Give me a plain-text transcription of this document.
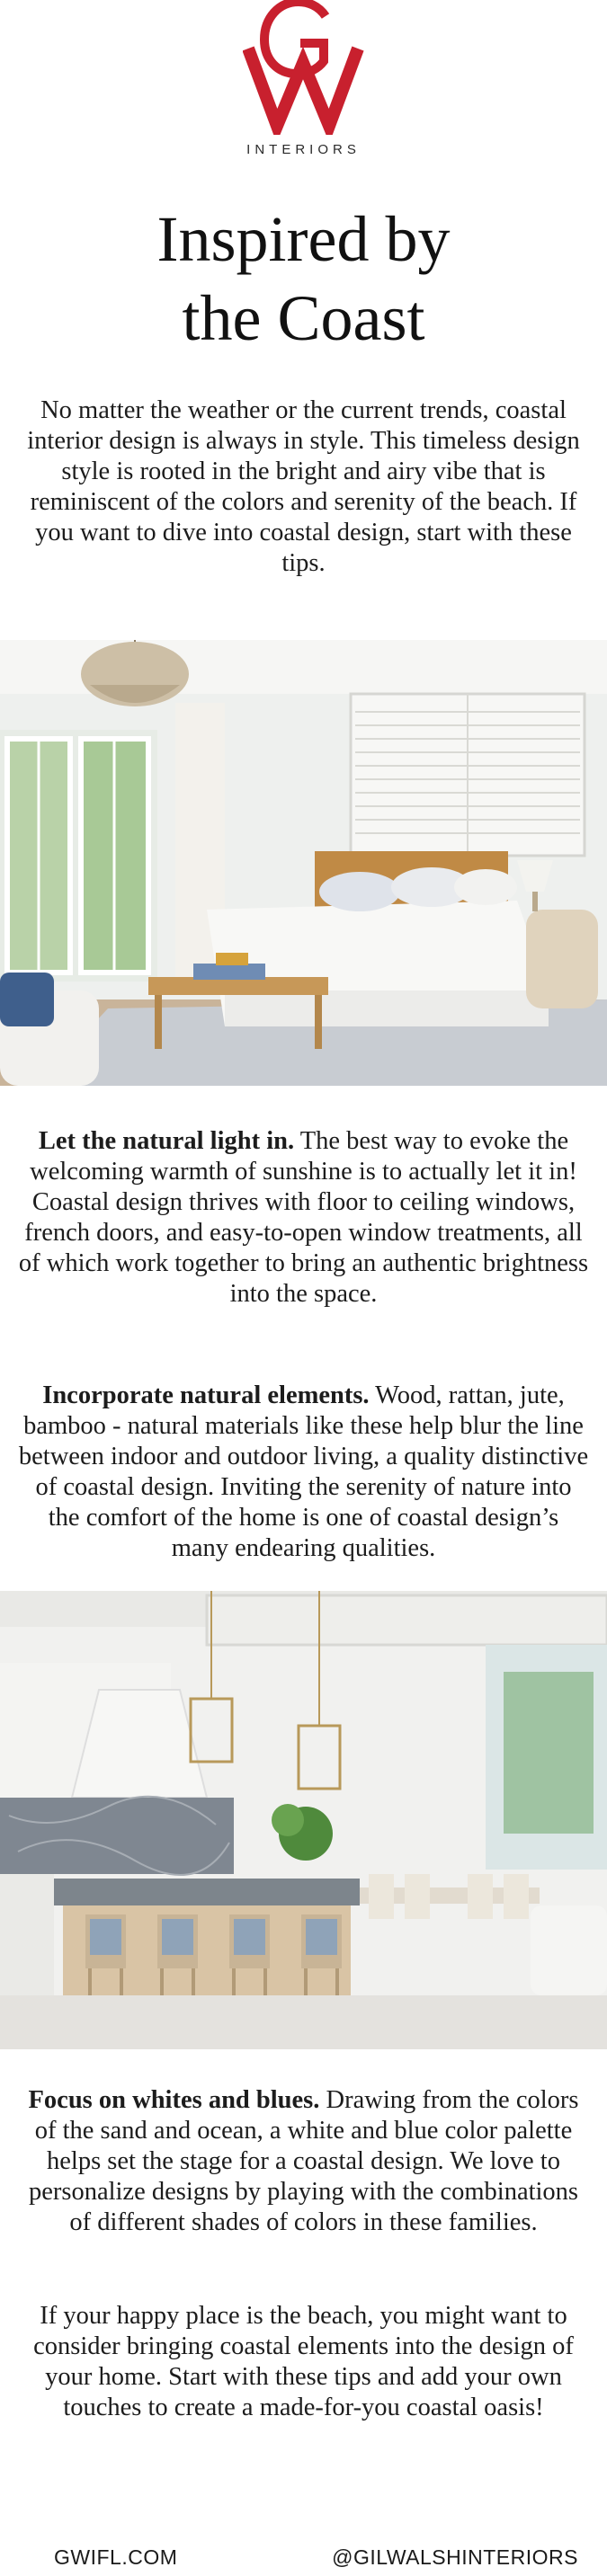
INTERIORS
Inspired by
the Coast

No matter the weather or the current trends, coastal interior design is always in style. This timeless design style is rooted in the bright and airy vibe that is reminiscent of the colors and serenity of the beach. If you want to dive into coastal design, start with these tips.

Let the natural light in. The best way to evoke the welcoming warmth of sunshine is to actually let it in! Coastal design thrives with floor to ceiling windows, french doors, and easy-to-open window treatments, all of which work together to bring an authentic brightness into the space.

Incorporate natural elements. Wood, rattan, jute, bamboo - natural materials like these help blur the line between indoor and outdoor living, a quality distinctive of coastal design. Inviting the serenity of nature into the comfort of the home is one of coastal design’s many endearing qualities.

Focus on whites and blues. Drawing from the colors of the sand and ocean, a white and blue color palette helps set the stage for a coastal design. We love to personalize designs by playing with the combinations of different shades of colors in these families.

If your happy place is the beach, you might want to consider bringing coastal elements into the design of your home. Start with these tips and add your own touches to create a made-for-you coastal oasis!

GWIFL.COM	@GILWALSHINTERIORS
